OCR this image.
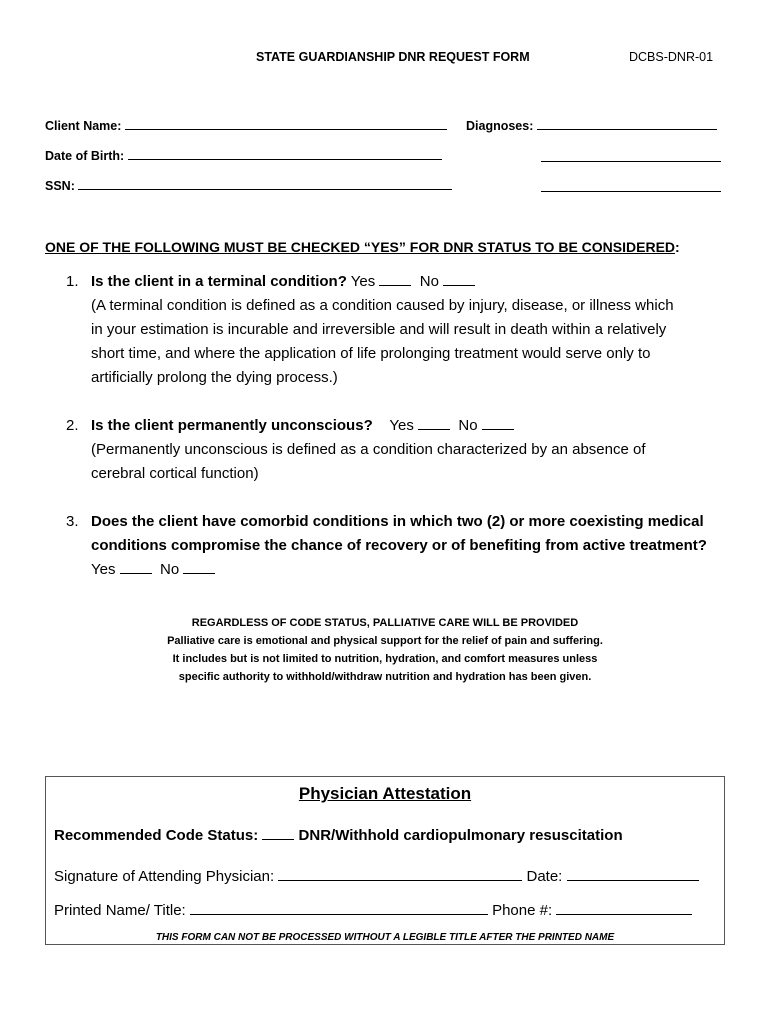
STATE GUARDIANSHIP DNR REQUEST FORM	DCBS-DNR-01
Client Name:	Diagnoses:
Date of Birth:
SSN:
ONE OF THE FOLLOWING MUST BE CHECKED “YES” FOR DNR STATUS TO BE CONSIDERED:
1. Is the client in a terminal condition? Yes	No
(A terminal condition is defined as a condition caused by injury, disease, or illness which
in your estimation is incurable and irreversible and will result in death within a relatively
short time, and where the application of life prolonging treatment would serve only to
artificially prolong the dying process.)
2. Is the client permanently unconscious? Yes	No
(Permanently unconscious is defined as a condition characterized by an absence of
cerebral cortical function)
3. Does the client have comorbid conditions in which two (2) or more coexisting medical
conditions compromise the chance of recovery or of benefiting from active treatment?
Yes	No
REGARDLESS OF CODE STATUS, PALLIATIVE CARE WILL BE PROVIDED
Palliative care is emotional and physical support for the relief of pain and suffering.
It includes but is not limited to nutrition, hydration, and comfort measures unless
specific authority to withhold/withdraw nutrition and hydration has been given.
Physician Attestation
Recommended Code Status:	DNR/Withhold cardiopulmonary resuscitation
Signature of Attending Physician:	Date:
Printed Name/ Title:	Phone #:
THIS FORM CAN NOT BE PROCESSED WITHOUT A LEGIBLE TITLE AFTER THE PRINTED NAME
